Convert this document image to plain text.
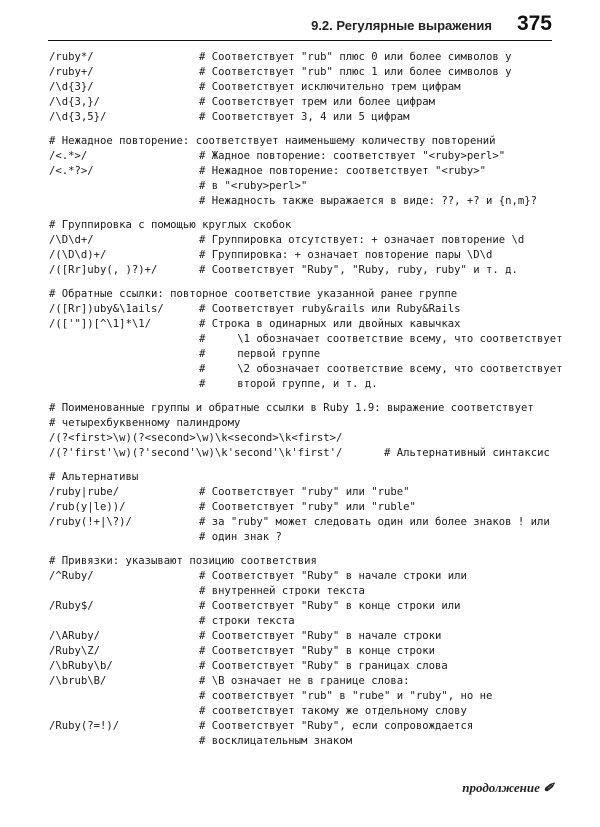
9.2. Регулярные выражения 375
/ruby*/	# Соответствует "rub" плюс 0 или более символов y
/ruby+/	# Соответствует "rub" плюс 1 или более символов y
/\d{3}/	# Соответствует исключительно трем цифрам
/\d{3,}/	# Соответствует трем или более цифрам
/\d{3,5}/	# Соответствует 3, 4 или 5 цифрам
# Нежадное повторение: соответствует наименьшему количеству повторений
/<.*>/	# Жадное повторение: соответствует "<ruby>perl>"
/<.*?>/	# Нежадное повторение: соответствует "<ruby>"
# в "<ruby>perl>"
# Нежадность также выражается в виде: ??, +? и {n,m}?
# Группировка с помощью круглых скобок
/\D\d+/	# Группировка отсутствует: + означает повторение \d
/(\D\d)+/	# Группировка: + означает повторение пары \D\d
/([Rr]uby(, )?)+/	# Соответствует "Ruby", "Ruby, ruby, ruby" и т. д.
# Обратные ссылки: повторное соответствие указанной ранее группе
/([Rr])uby&\1ails/	# Соответствует ruby&rails или Ruby&Rails
/(['"])[^\1]*\1/	# Строка в одинарных или двойных кавычках
#     \1 обозначает соответствие всему, что соответствует
#     первой группе
#     \2 обозначает соответствие всему, что соответствует
#     второй группе, и т. д.
# Поименованные группы и обратные ссылки в Ruby 1.9: выражение соответствует
# четырехбуквенному палиндрому
/(?<first>\w)(?<second>\w)\k<second>\k<first>/
/(?'first'\w)(?'second'\w)\k'second'\k'first'/	# Альтернативный синтаксис
# Альтернативы
/ruby|rube/	# Соответствует "ruby" или "rube"
/rub(y|le))/	# Соответствует "ruby" или "ruble"
/ruby(!+|\?)/	# за "ruby" может следовать один или более знаков ! или
# один знак ?
# Привязки: указывают позицию соответствия
/^Ruby/	# Соответствует "Ruby" в начале строки или
# внутренней строки текста
/Ruby$/	# Соответствует "Ruby" в конце строки или
# строки текста
/\ARuby/	# Соответствует "Ruby" в начале строки
/Ruby\Z/	# Соответствует "Ruby" в конце строки
/\bRuby\b/	# Соответствует "Ruby" в границах слова
/\brub\B/	# \B означает не в границе слова:
# соответствует "rub" в "rube" и "ruby", но не
# соответствует такому же отдельному слову
/Ruby(?=!)/	# Соответствует "Ruby", если сопровождается
# восклицательным знаком
продолжение ✐
